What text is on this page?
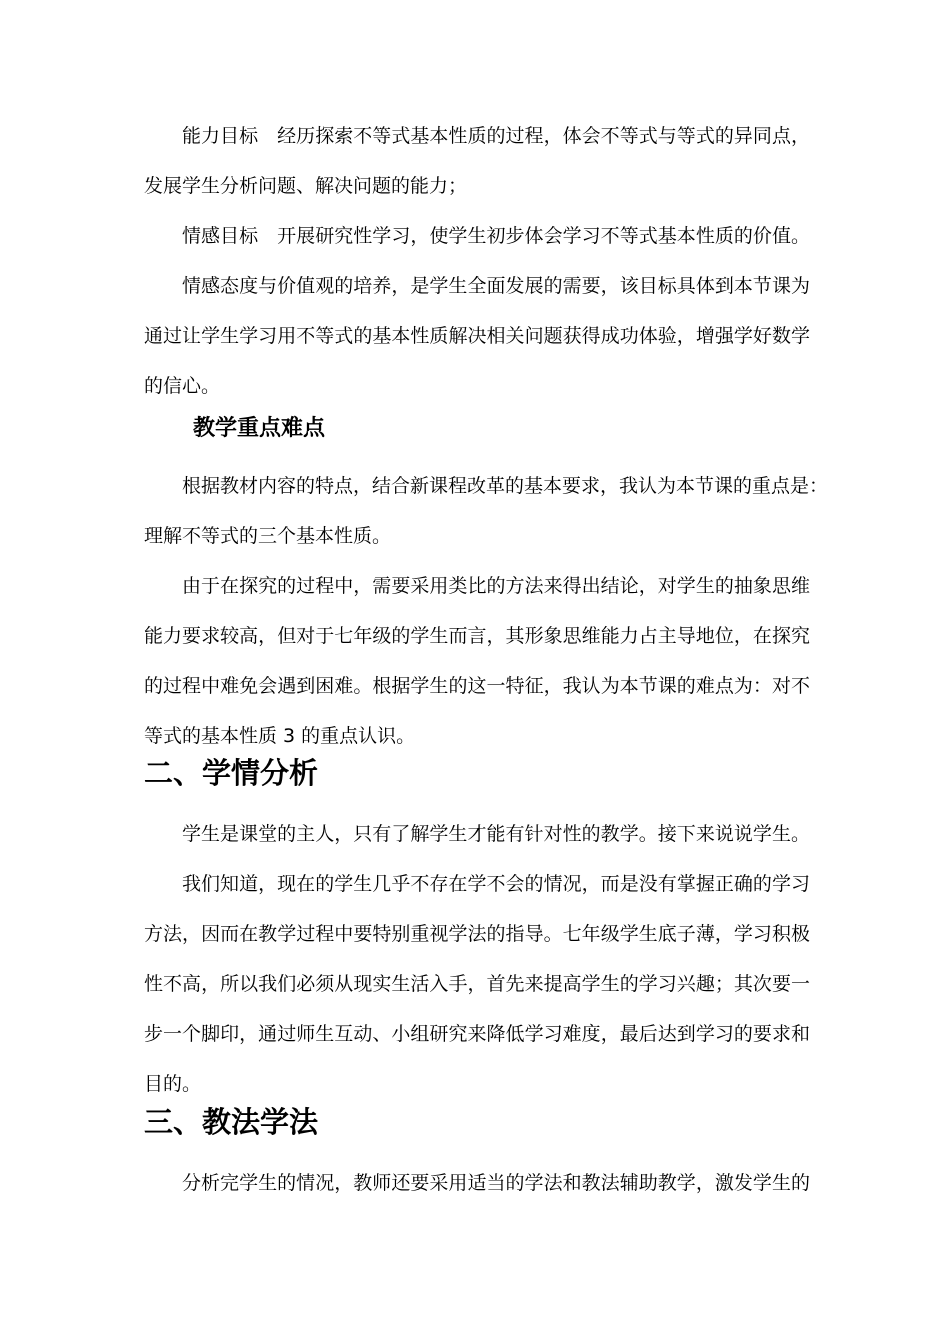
能力目标　经历探索不等式基本性质的过程，体会不等式与等式的异同点，
发展学生分析问题、解决问题的能力；
情感目标　开展研究性学习，使学生初步体会学习不等式基本性质的价值。
情感态度与价值观的培养，是学生全面发展的需要，该目标具体到本节课为
通过让学生学习用不等式的基本性质解决相关问题获得成功体验，增强学好数学
的信心。
教学重点难点
根据教材内容的特点，结合新课程改革的基本要求，我认为本节课的重点是：
理解不等式的三个基本性质。
由于在探究的过程中，需要采用类比的方法来得出结论，对学生的抽象思维
能力要求较高，但对于七年级的学生而言，其形象思维能力占主导地位，在探究
的过程中难免会遇到困难。根据学生的这一特征，我认为本节课的难点为：对不
等式的基本性质 3 的重点认识。
二、学情分析
学生是课堂的主人，只有了解学生才能有针对性的教学。接下来说说学生。
我们知道，现在的学生几乎不存在学不会的情况，而是没有掌握正确的学习
方法，因而在教学过程中要特别重视学法的指导。七年级学生底子薄，学习积极
性不高，所以我们必须从现实生活入手，首先来提高学生的学习兴趣；其次要一
步一个脚印，通过师生互动、小组研究来降低学习难度，最后达到学习的要求和
目的。
三、教法学法
分析完学生的情况，教师还要采用适当的学法和教法辅助教学，激发学生的
